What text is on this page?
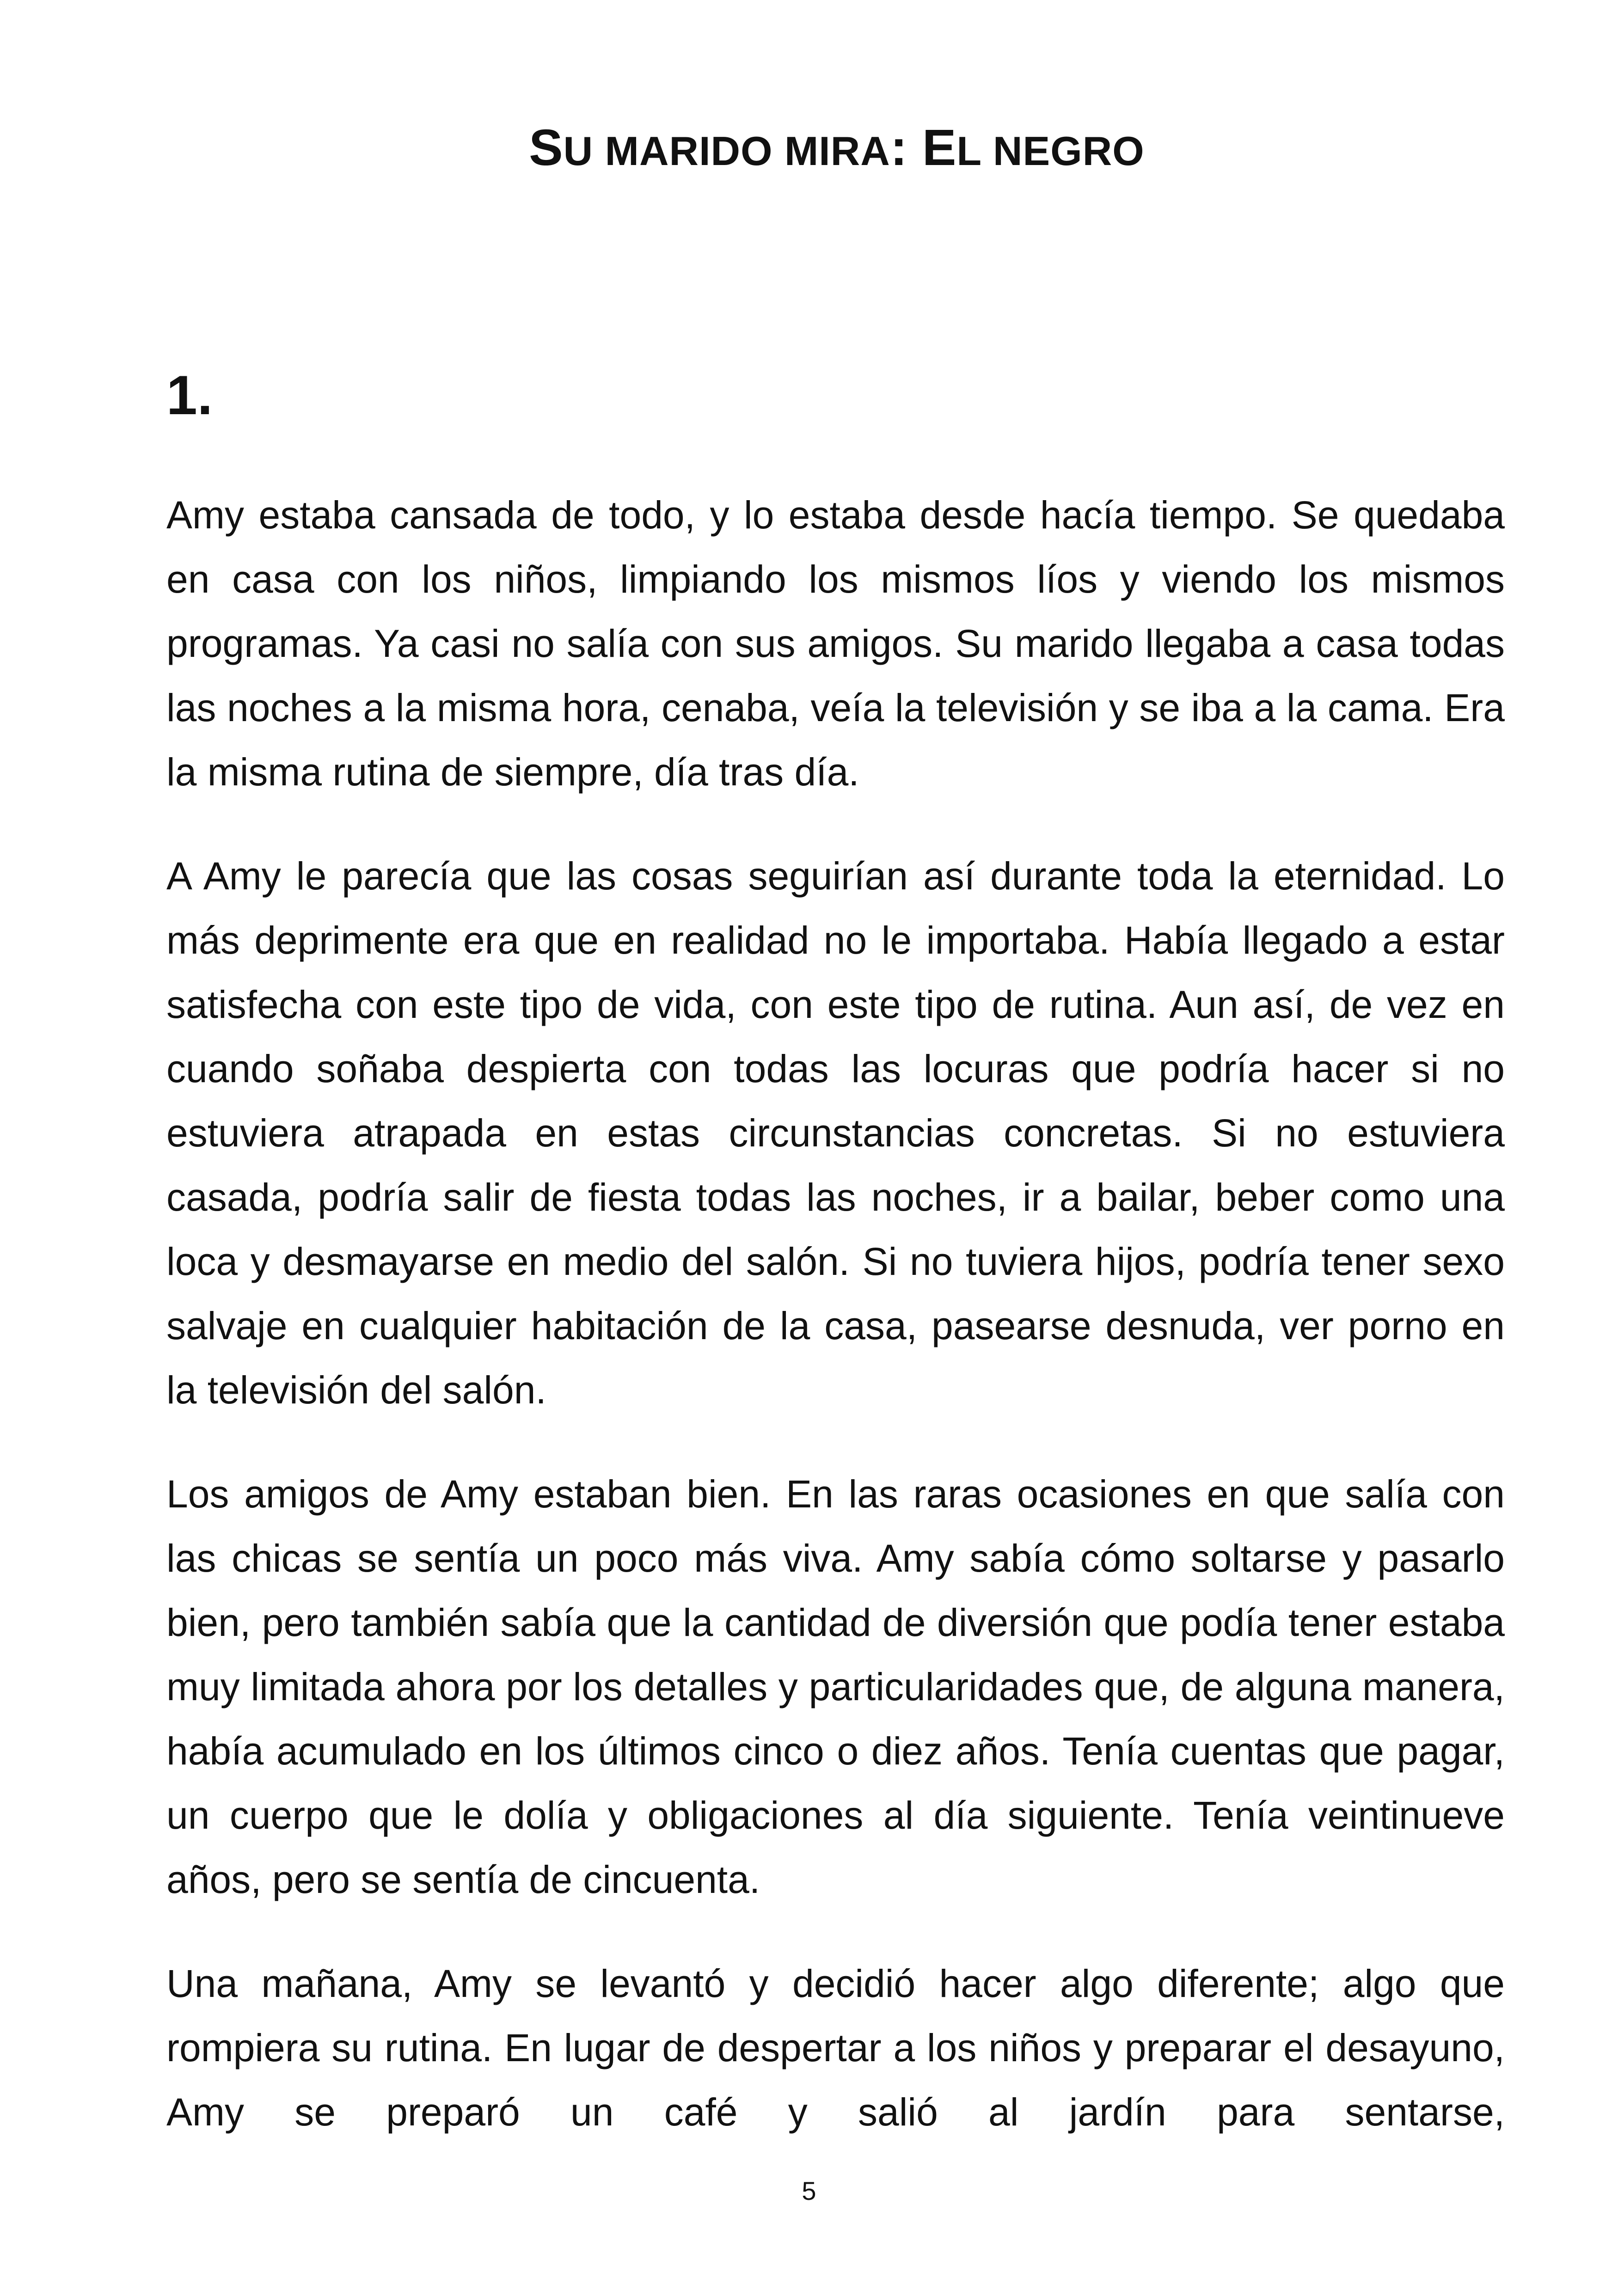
SU MARIDO MIRA: EL NEGRO
1.

Amy estaba cansada de todo, y lo estaba desde hacía tiempo. Se quedaba en casa con los niños, limpiando los mismos líos y viendo los mismos programas. Ya casi no salía con sus amigos. Su marido llegaba a casa todas las noches a la misma hora, cenaba, veía la televisión y se iba a la cama. Era la misma rutina de siempre, día tras día.

A Amy le parecía que las cosas seguirían así durante toda la eternidad. Lo más deprimente era que en realidad no le importaba. Había llegado a estar satisfecha con este tipo de vida, con este tipo de rutina. Aun así, de vez en cuando soñaba despierta con todas las locuras que podría hacer si no estuviera atrapada en estas circunstancias concretas. Si no estuviera casada, podría salir de fiesta todas las noches, ir a bailar, beber como una loca y desmayarse en medio del salón. Si no tuviera hijos, podría tener sexo salvaje en cualquier habitación de la casa, pasearse desnuda, ver porno en la televisión del salón.

Los amigos de Amy estaban bien. En las raras ocasiones en que salía con las chicas se sentía un poco más viva. Amy sabía cómo soltarse y pasarlo bien, pero también sabía que la cantidad de diversión que podía tener estaba muy limitada ahora por los detalles y particularidades que, de alguna manera, había acumulado en los últimos cinco o diez años. Tenía cuentas que pagar, un cuerpo que le dolía y obligaciones al día siguiente. Tenía veintinueve años, pero se sentía de cincuenta.

Una mañana, Amy se levantó y decidió hacer algo diferente; algo que rompiera su rutina. En lugar de despertar a los niños y preparar el desayuno, Amy se preparó un café y salió al jardín para sentarse,

5
